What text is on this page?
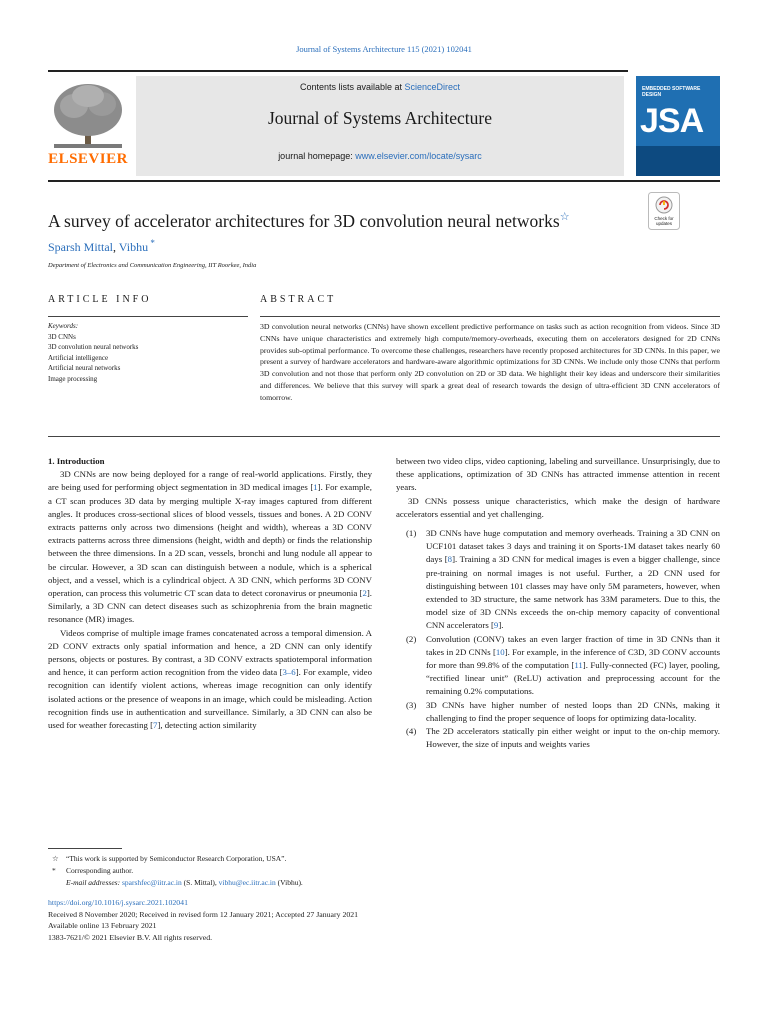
Journal of Systems Architecture 115 (2021) 102041
ELSEVIER
Contents lists available at ScienceDirect
Journal of Systems Architecture
journal homepage: www.elsevier.com/locate/sysarc
EMBEDDED SOFTWARE DESIGN
JSA
A survey of accelerator architectures for 3D convolution neural networks☆	Check for updates
Sparsh Mittal, Vibhu *
Department of Electronics and Communication Engineering, IIT Roorkee, India
ARTICLE INFO	ABSTRACT
Keywords:
3D CNNs
3D convolution neural networks
Artificial intelligence
Artificial neural networks
Image processing
3D convolution neural networks (CNNs) have shown excellent predictive performance on tasks such as action recognition from videos. Since 3D CNNs have unique characteristics and extremely high compute/memory-overheads, executing them on accelerators designed for 2D CNNs provides sub-optimal performance. To overcome these challenges, researchers have recently proposed architectures for 3D CNNs. In this paper, we present a survey of hardware accelerators and hardware-aware algorithmic optimizations for 3D CNNs. We include only those CNNs that perform 3D convolution and not those that perform only 2D convolution on 2D or 3D data. We highlight their key ideas and underscore their similarities and differences. We believe that this survey will spark a great deal of research towards the design of ultra-efficient 3D CNN accelerators of tomorrow.

1. Introduction

3D CNNs are now being deployed for a range of real-world applications. Firstly, they are being used for performing object segmentation in 3D medical images [1]. For example, a CT scan produces 3D data by merging multiple X-ray images captured from different angles. It produces cross-sectional slices of blood vessels, tissues and bones. A 2D CONV extracts patterns only across two dimensions (height and width), whereas a 3D CONV extracts patterns across three dimensions (height, width and depth) or finds the relationship between the three dimensions. In a 2D scan, vessels, bronchi and lung nodule all appear to be circular. However, a 3D scan can distinguish between a nodule, which is a spherical object, and a vessel, which is a cylindrical object. A 3D CNN, which performs 3D CONV operation, can process this volumetric CT scan data to detect coronavirus or pneumonia [2]. Similarly, a 3D CNN can detect diseases such as schizophrenia from the brain magnetic resonance (MR) images.

Videos comprise of multiple image frames concatenated across a temporal dimension. A 2D CONV extracts only spatial information and hence, a 2D CNN can only identify persons, objects or postures. By contrast, a 3D CONV extracts spatiotemporal information and hence, it can perform action recognition from the video data [3–6]. For example, video recognition can identify violent actions, whereas image recognition can only identify isolated actions or the presence of weapons in an image, which could be misleading. Action recognition finds use in authentication and surveillance. Similarly, a 3D CNN can also be used for weather forecasting [7], detecting action similarity

between two video clips, video captioning, labeling and surveillance. Unsurprisingly, due to these applications, optimization of 3D CNNs has attracted immense attention in recent years.

3D CNNs possess unique characteristics, which make the design of hardware accelerators essential and yet challenging.

(1) 3D CNNs have huge computation and memory overheads. Training a 3D CNN on UCF101 dataset takes 3 days and training it on Sports-1M dataset takes nearly 60 days [8]. Training a 3D CNN for medical images is even a bigger challenge, since pre-training on normal images is not useful. Further, a 2D CNN used for distinguishing between 101 classes may have only 5M parameters, however, when extended to 3D structure, the same network has 33M parameters. Due to this, the model size of 3D CNNs exceeds the on-chip memory capacity of conventional CNN accelerators [9].
(2) Convolution (CONV) takes an even larger fraction of time in 3D CNNs than it takes in 2D CNNs [10]. For example, in the inference of C3D, 3D CONV accounts for more than 99.8% of the computation [11]. Fully-connected (FC) layer, pooling, “rectified linear unit” (ReLU) activation and preprocessing account for the remaining 0.2% computations.
(3) 3D CNNs have higher number of nested loops than 2D CNNs, making it challenging to find the proper sequence of loops for optimizing data-locality.
(4) The 2D accelerators statically pin either weight or input to the on-chip memory. However, the size of inputs and weights varies
☆ “This work is supported by Semiconductor Research Corporation, USA”.
* Corresponding author.
E-mail addresses: sparshfec@iitr.ac.in (S. Mittal), vibhu@ec.iitr.ac.in (Vibhu).
https://doi.org/10.1016/j.sysarc.2021.102041
Received 8 November 2020; Received in revised form 12 January 2021; Accepted 27 January 2021
Available online 13 February 2021
1383-7621/© 2021 Elsevier B.V. All rights reserved.
